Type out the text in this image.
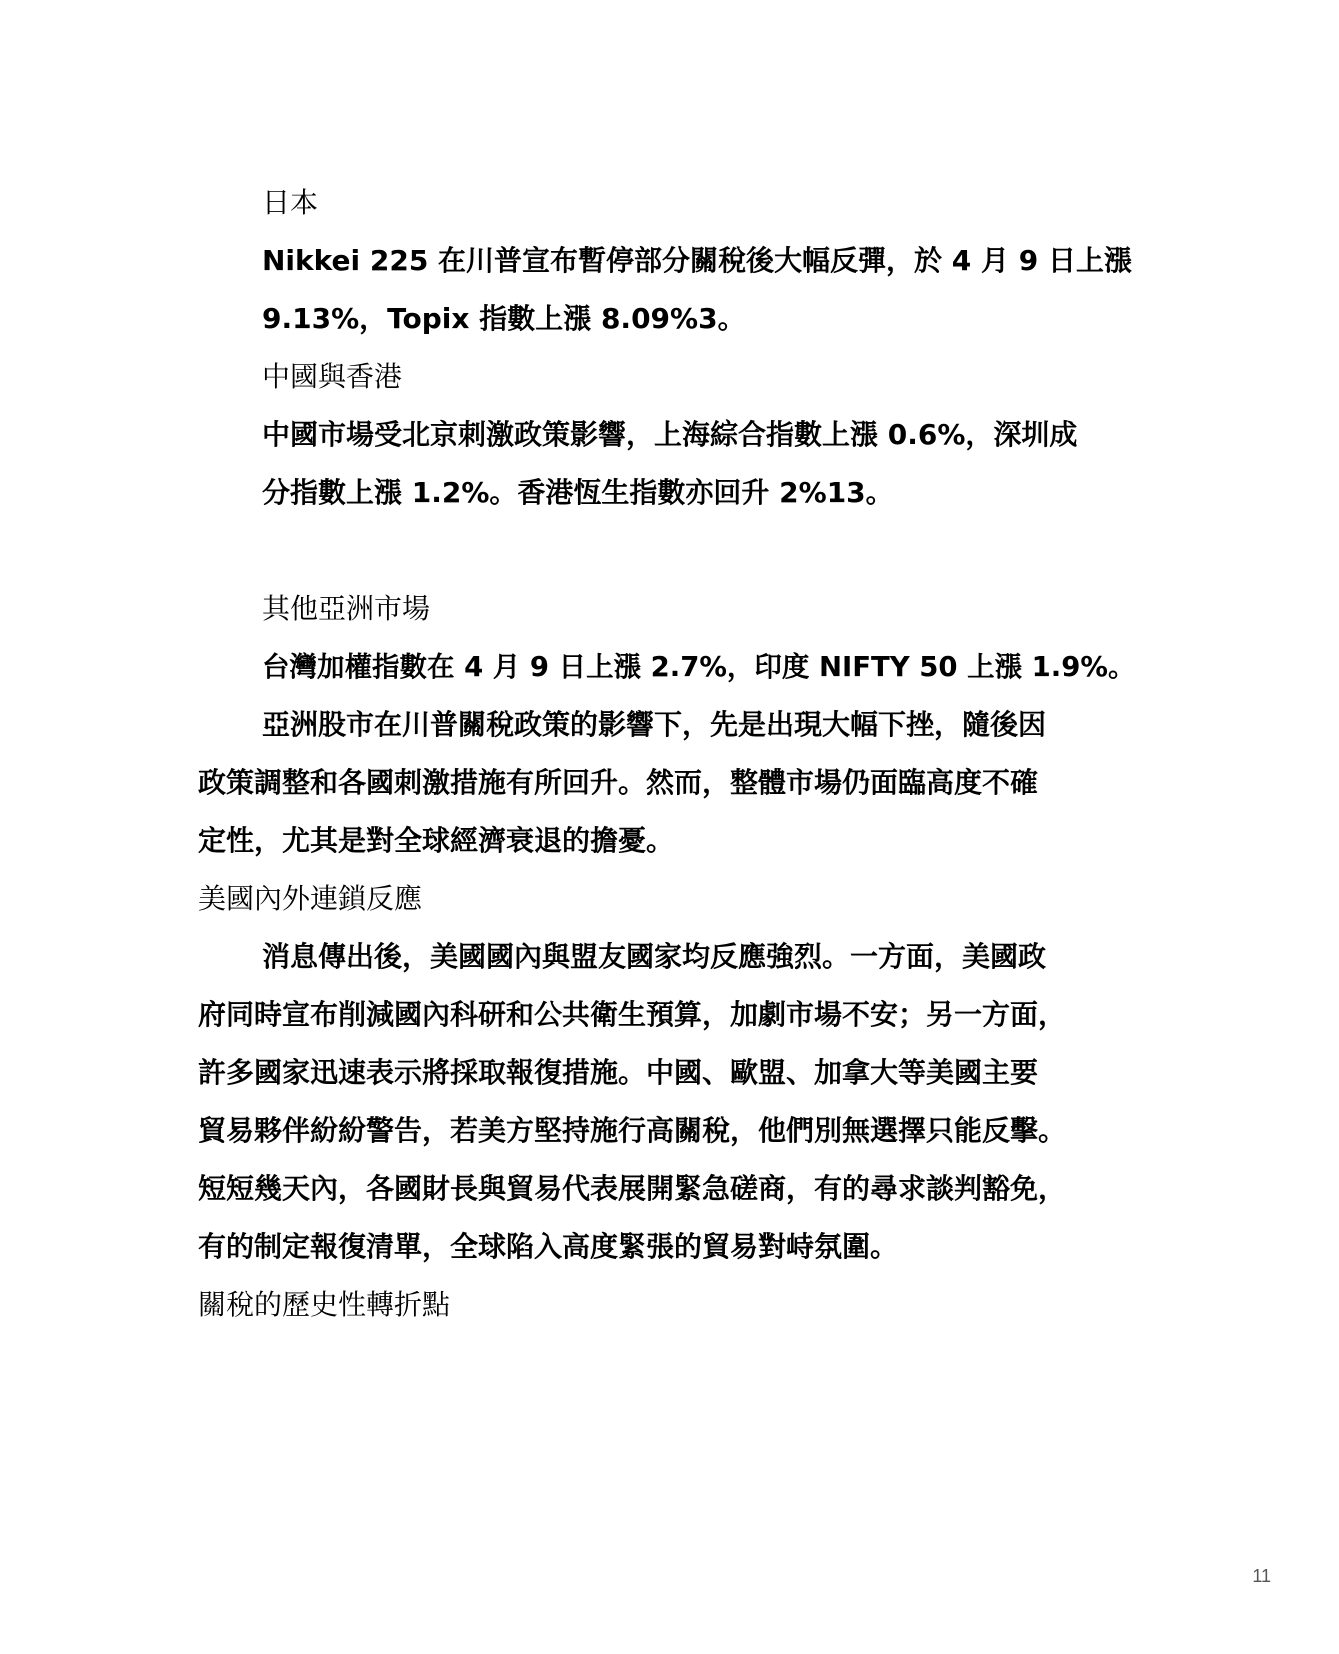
日本
Nikkei 225 在川普宣布暫停部分關稅後大幅反彈，於 4 月 9 日上漲
9.13%，Topix 指數上漲 8.09%3。
中國與香港
中國市場受北京刺激政策影響，上海綜合指數上漲 0.6%，深圳成
分指數上漲 1.2%。香港恆生指數亦回升 2%13。
其他亞洲市場
台灣加權指數在 4 月 9 日上漲 2.7%，印度 NIFTY 50 上漲 1.9%。
亞洲股市在川普關稅政策的影響下，先是出現大幅下挫，隨後因
政策調整和各國刺激措施有所回升。然而，整體市場仍面臨高度不確
定性，尤其是對全球經濟衰退的擔憂。
美國內外連鎖反應
消息傳出後，美國國內與盟友國家均反應強烈。一方面，美國政
府同時宣布削減國內科研和公共衛生預算，加劇市場不安；另一方面，
許多國家迅速表示將採取報復措施。中國、歐盟、加拿大等美國主要
貿易夥伴紛紛警告，若美方堅持施行高關稅，他們別無選擇只能反擊。
短短幾天內，各國財長與貿易代表展開緊急磋商，有的尋求談判豁免，
有的制定報復清單，全球陷入高度緊張的貿易對峙氛圍。
關稅的歷史性轉折點
11
